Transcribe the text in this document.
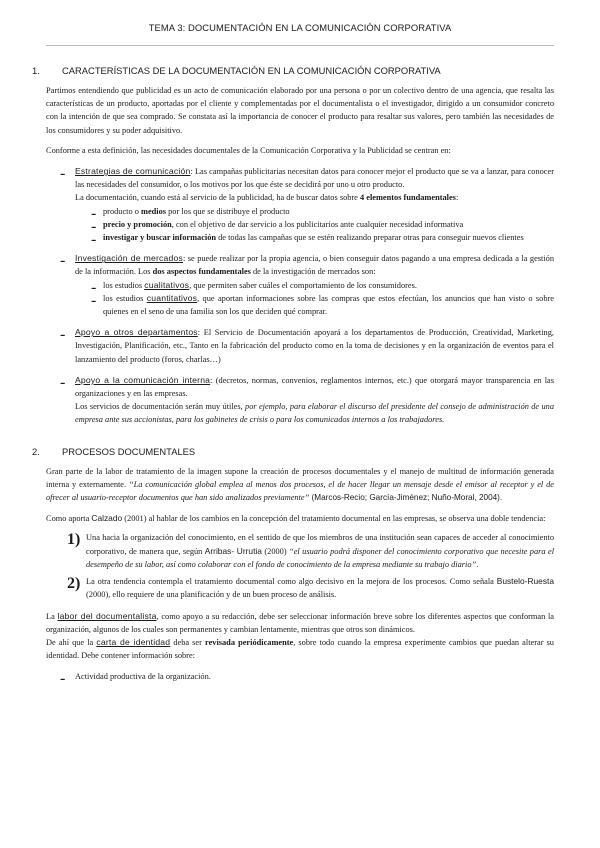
TEMA 3: DOCUMENTACIÓN EN LA COMUNICACIÓN CORPORATIVA
1.	CARACTERÍSTICAS DE LA DOCUMENTACIÓN EN LA COMUNICACIÓN CORPORATIVA

Partimos entendiendo que publicidad es un acto de comunicación elaborado por una persona o por un colectivo dentro de una agencia, que resalta las características de un producto, aportadas por el cliente y complementadas por el documentalista o el investigador, dirigido a un consumidor concreto con la intención de que sea comprado. Se constata así la importancia de conocer el producto para resaltar sus valores, pero también las necesidades de los consumidores y su poder adquisitivo.

Conforme a esta definición, las necesidades documentales de la Comunicación Corporativa y la Publicidad se centran en:

- Estrategias de comunicación: Las campañas publicitarias necesitan datos para conocer mejor el producto que se va a lanzar, para conocer las necesidades del consumidor, o los motivos por los que éste se decidirá por uno u otro producto.

La documentación, cuando está al servicio de la publicidad, ha de buscar datos sobre 4 elementos fundamentales:

- producto o medios por los que se distribuye el producto

- precio y promoción, con el objetivo de dar servicio a los publicitarios ante cualquier necesidad informativa

- investigar y buscar información de todas las campañas que se estén realizando preparar otras para conseguir nuevos clientes

- Investigación de mercados: se puede realizar por la propia agencia, o bien conseguir datos pagando a una empresa dedicada a la gestión de la información. Los dos aspectos fundamentales de la investigación de mercados son:

- los estudios cualitativos, que permiten saber cuáles el comportamiento de los consumidores.

- los estudios cuantitativos, que aportan informaciones sobre las compras que estos efectúan, los anuncios que han visto o sobre quienes en el seno de una familia son los que deciden qué comprar.

- Apoyo a otros departamentos: El Servicio de Documentación apoyará a los departamentos de Producción, Creatividad, Marketing, Investigación, Planificación, etc., Tanto en la fabricación del producto como en la toma de decisiones y en la organización de eventos para el lanzamiento del producto (foros, charlas…)

- Apoyo a la comunicación interna: (decretos, normas, convenios, reglamentos internos, etc.) que otorgará mayor transparencia en las organizaciones y en las empresas.

Los servicios de documentación serán muy útiles, por ejemplo, para elaborar el discurso del presidente del consejo de administración de una empresa ante sus accionistas, para los gabinetes de crisis o para los comunicados internos a los trabajadores.

2.	PROCESOS DOCUMENTALES

Gran parte de la labor de tratamiento de la imagen supone la creación de procesos documentales y el manejo de multitud de información generada interna y externamente. “La comunicación global emplea al menos dos procesos, el de hacer llegar un mensaje desde el emisor al receptor y el de ofrecer al usuario-receptor documentos que han sido analizados previamente” (Marcos-Recio; García-Jiménez; Nuño-Moral, 2004).

Como aporta Calzado (2001) al hablar de los cambios en la concepción del tratamiento documental en las empresas, se observa una doble tendencia:

1) Una hacia la organización del conocimiento, en el sentido de que los miembros de una institución sean capaces de acceder al conocimiento corporativo, de manera que, según Arribas- Urrutia (2000) “el usuario podrá disponer del conocimiento corporativo que necesite para el desempeño de su labor, así como colaborar con el fondo de conocimiento de la empresa mediante su trabajo diario”.

2) La otra tendencia contempla el tratamiento documental como algo decisivo en la mejora de los procesos. Como señala Bustelo-Ruesta (2000), ello requiere de una planificación y de un buen proceso de análisis.

La labor del documentalista, como apoyo a su redacción, debe ser seleccionar información breve sobre los diferentes aspectos que conforman la organización, algunos de los cuales son permanentes y cambian lentamente, mientras que otros son dinámicos.

De ahí que la carta de identidad deba ser revisada periódicamente, sobre todo cuando la empresa experimente cambios que puedan alterar su identidad. Debe contener información sobre:

- Actividad productiva de la organización.
